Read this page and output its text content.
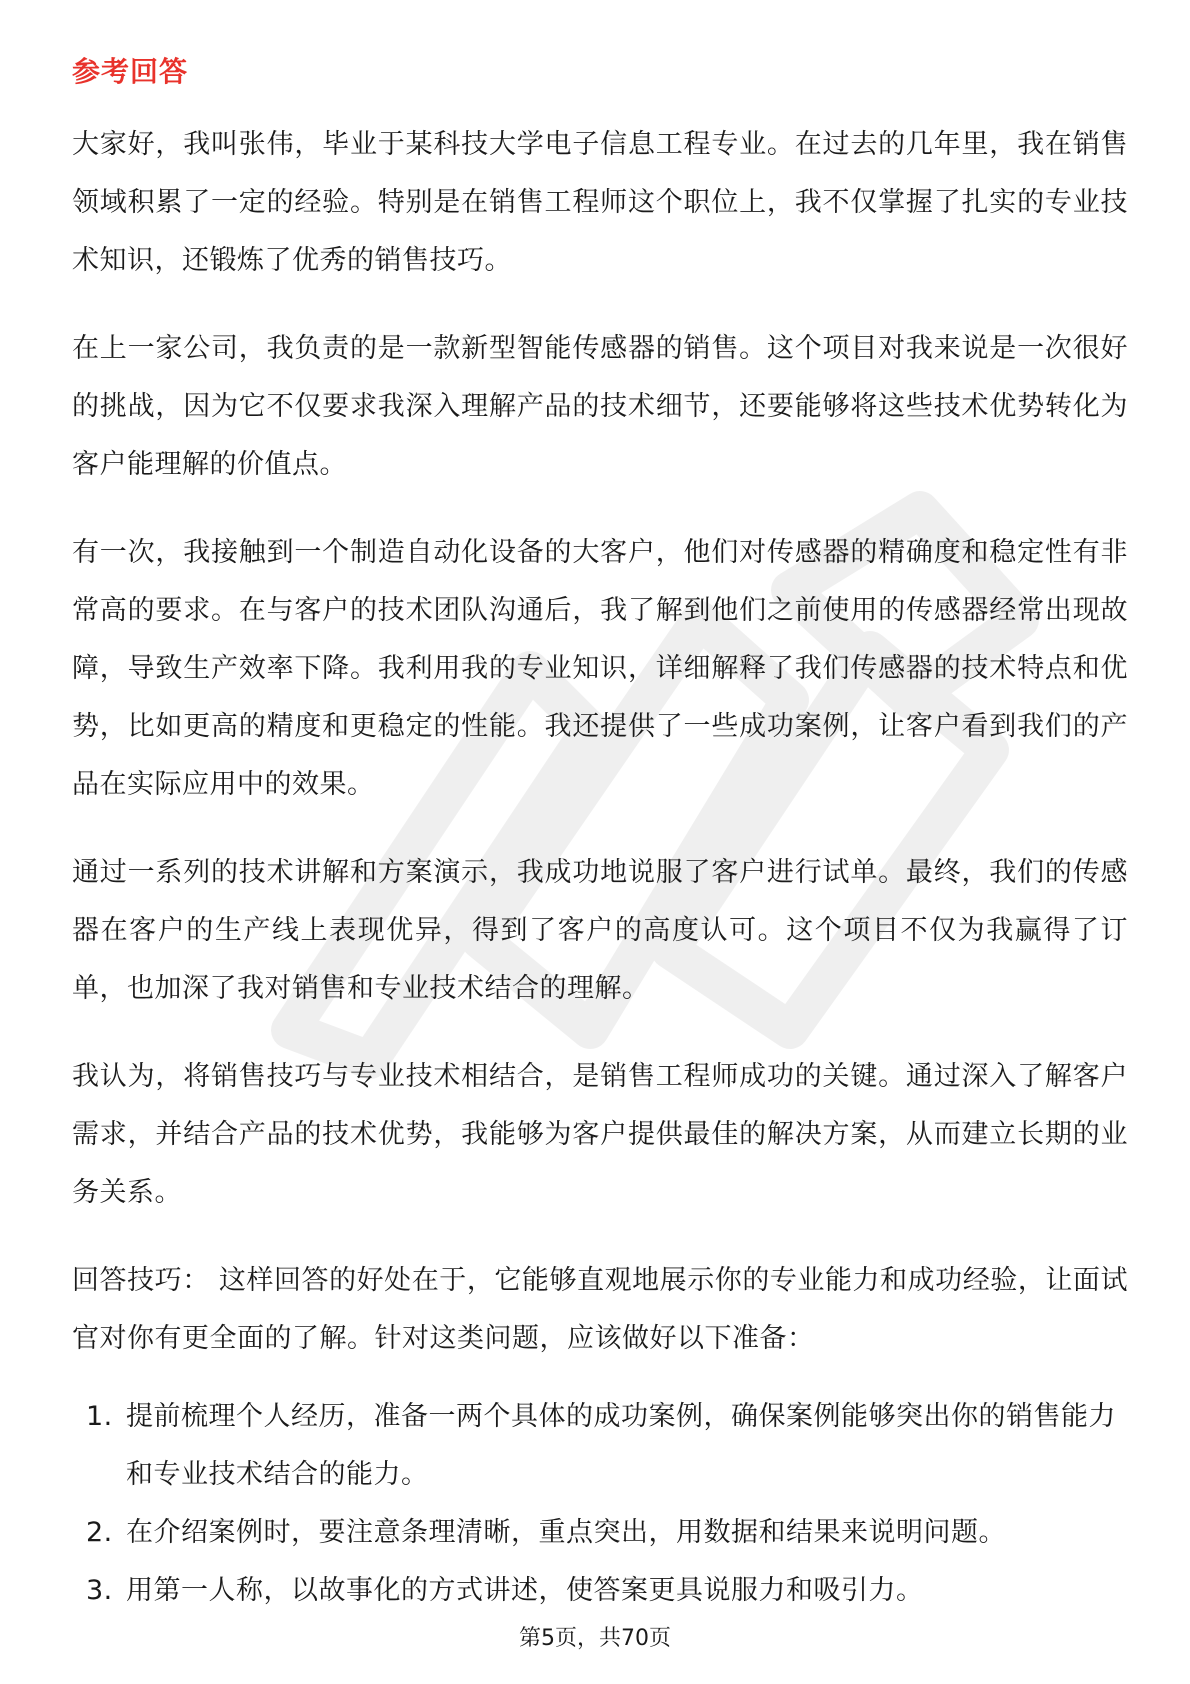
参考回答

大家好，我叫张伟，毕业于某科技大学电子信息工程专业。在过去的几年里，我在销售领域积累了一定的经验。特别是在销售工程师这个职位上，我不仅掌握了扎实的专业技术知识，还锻炼了优秀的销售技巧。

在上一家公司，我负责的是一款新型智能传感器的销售。这个项目对我来说是一次很好的挑战，因为它不仅要求我深入理解产品的技术细节，还要能够将这些技术优势转化为客户能理解的价值点。

有一次，我接触到一个制造自动化设备的大客户，他们对传感器的精确度和稳定性有非常高的要求。在与客户的技术团队沟通后，我了解到他们之前使用的传感器经常出现故障，导致生产效率下降。我利用我的专业知识，详细解释了我们传感器的技术特点和优势，比如更高的精度和更稳定的性能。我还提供了一些成功案例，让客户看到我们的产品在实际应用中的效果。

通过一系列的技术讲解和方案演示，我成功地说服了客户进行试单。最终，我们的传感器在客户的生产线上表现优异，得到了客户的高度认可。这个项目不仅为我赢得了订单，也加深了我对销售和专业技术结合的理解。

我认为，将销售技巧与专业技术相结合，是销售工程师成功的关键。通过深入了解客户需求，并结合产品的技术优势，我能够为客户提供最佳的解决方案，从而建立长期的业务关系。

回答技巧： 这样回答的好处在于，它能够直观地展示你的专业能力和成功经验，让面试官对你有更全面的了解。针对这类问题，应该做好以下准备：

1. 提前梳理个人经历，准备一两个具体的成功案例，确保案例能够突出你的销售能力和专业技术结合的能力。
2. 在介绍案例时，要注意条理清晰，重点突出，用数据和结果来说明问题。
3. 用第一人称，以故事化的方式讲述，使答案更具说服力和吸引力。
第5页，共70页
